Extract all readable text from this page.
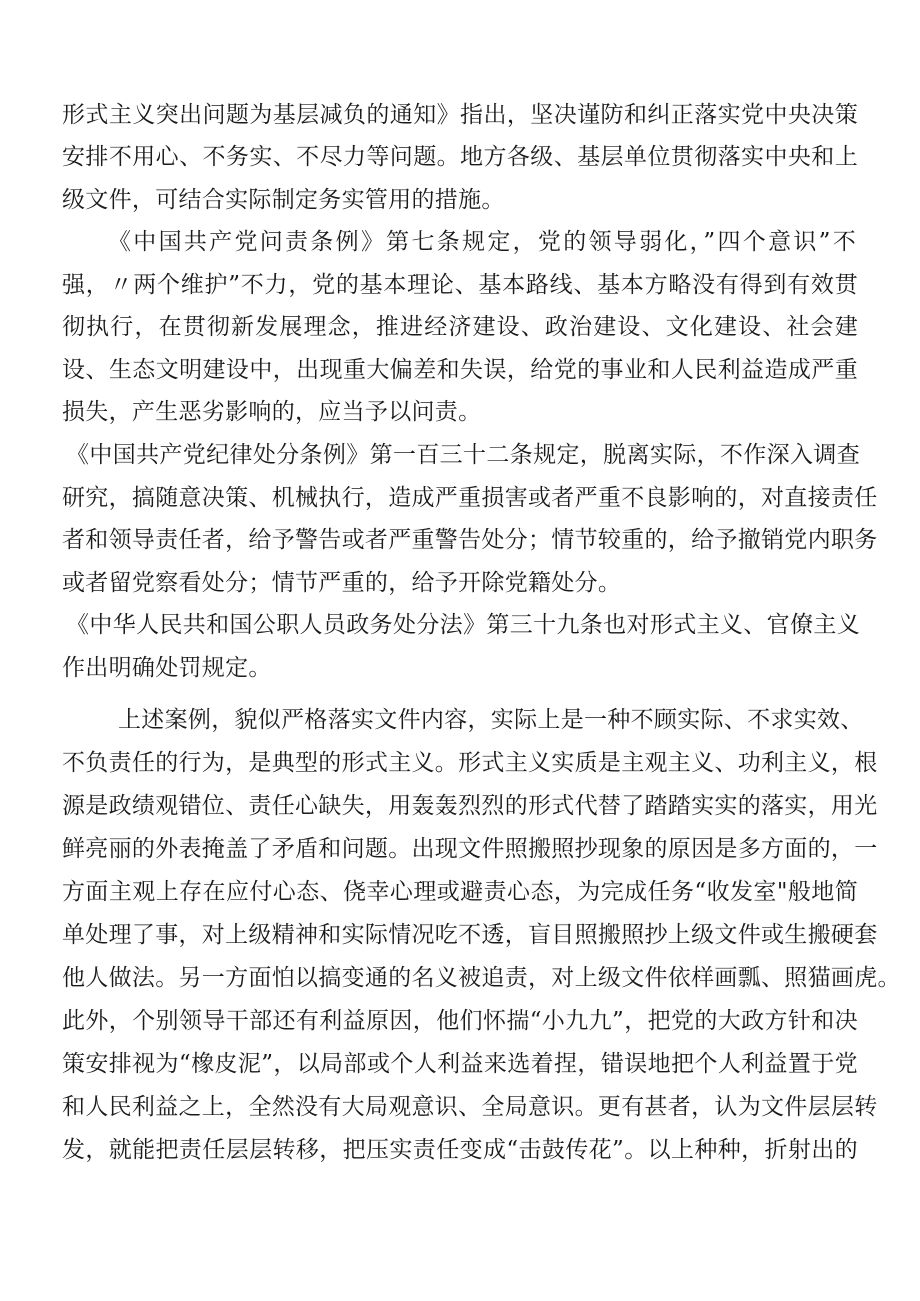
形式主义突出问题为基层减负的通知》指出，坚决谨防和纠正落实党中央决策
安排不用心、不务实、不尽力等问题。地方各级、基层单位贯彻落实中央和上
级文件，可结合实际制定务实管用的措施。
《中国共产党问责条例》第七条规定，党的领导弱化，”四个意识”不
强，〃两个维护”不力，党的基本理论、基本路线、基本方略没有得到有效贯
彻执行，在贯彻新发展理念，推进经济建设、政治建设、文化建设、社会建
设、生态文明建设中，出现重大偏差和失误，给党的事业和人民利益造成严重
损失，产生恶劣影响的，应当予以问责。
《中国共产党纪律处分条例》第一百三十二条规定，脱离实际，不作深入调查
研究，搞随意决策、机械执行，造成严重损害或者严重不良影响的，对直接责任
者和领导责任者，给予警告或者严重警告处分；情节较重的，给予撤销党内职务
或者留党察看处分；情节严重的，给予开除党籍处分。
《中华人民共和国公职人员政务处分法》第三十九条也对形式主义、官僚主义
作出明确处罚规定。
上述案例，貌似严格落实文件内容，实际上是一种不顾实际、不求实效、
不负责任的行为，是典型的形式主义。形式主义实质是主观主义、功利主义，根
源是政绩观错位、责任心缺失，用轰轰烈烈的形式代替了踏踏实实的落实，用光
鲜亮丽的外表掩盖了矛盾和问题。出现文件照搬照抄现象的原因是多方面的，一
方面主观上存在应付心态、侥幸心理或避责心态，为完成任务“收发室"般地简
单处理了事，对上级精神和实际情况吃不透，盲目照搬照抄上级文件或生搬硬套
他人做法。另一方面怕以搞变通的名义被追责，对上级文件依样画瓢、照猫画虎。
此外，个别领导干部还有利益原因，他们怀揣“小九九”，把党的大政方针和决
策安排视为“橡皮泥”，以局部或个人利益来选着捏，错误地把个人利益置于党
和人民利益之上，全然没有大局观意识、全局意识。更有甚者，认为文件层层转
发，就能把责任层层转移，把压实责任变成“击鼓传花”。以上种种，折射出的
